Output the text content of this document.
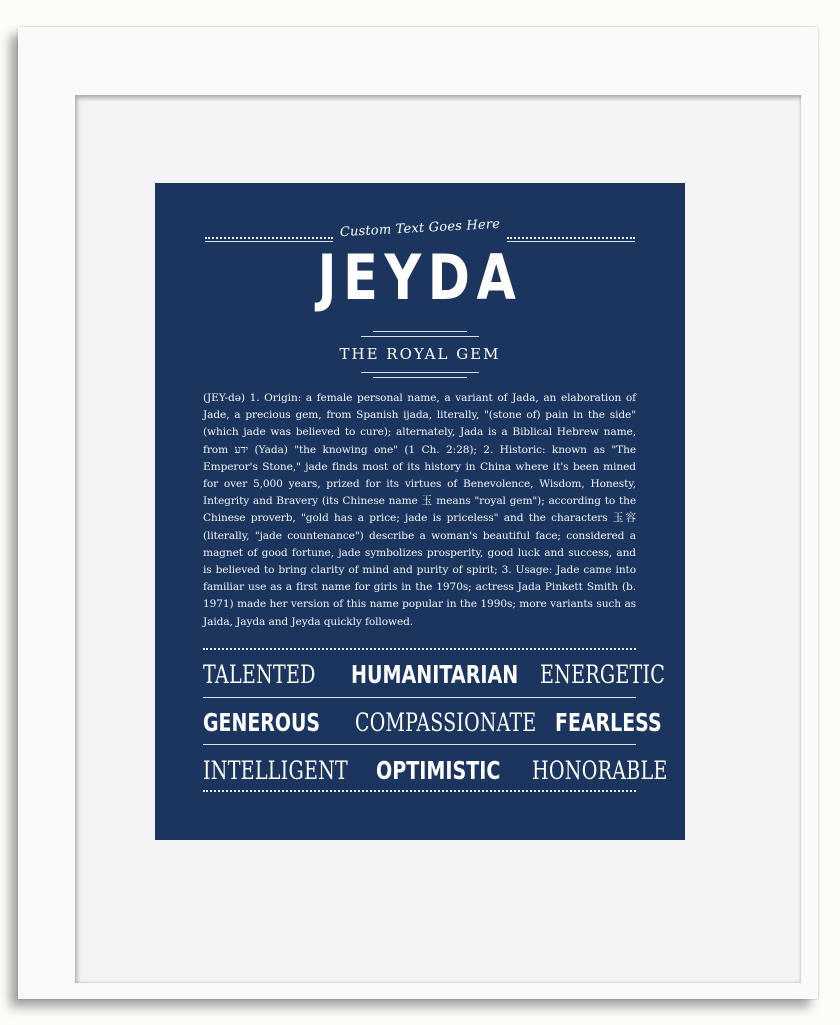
Custom Text Goes Here
JEYDA
THE ROYAL GEM
(JEY-də) 1. Origin: a female personal name, a variant of Jada, an elaboration of Jade, a precious gem, from Spanish ijada, literally, "(stone of) pain in the side" (which jade was believed to cure); alternately, Jada is a Biblical Hebrew name, from ידע (Yada) "the knowing one" (1 Ch. 2:28); 2. Historic: known as "The Emperor's Stone," jade finds most of its history in China where it's been mined for over 5,000 years, prized for its virtues of Benevolence, Wisdom, Honesty, Integrity and Bravery (its Chinese name 玉 means "royal gem"); according to the Chinese proverb, "gold has a price; jade is priceless" and the characters 玉容 (literally, "jade countenance") describe a woman's beautiful face; considered a magnet of good fortune, jade symbolizes prosperity, good luck and success, and is believed to bring clarity of mind and purity of spirit; 3. Usage: Jade came into familiar use as a first name for girls in the 1970s; actress Jada Pinkett Smith (b. 1971) made her version of this name popular in the 1990s; more variants such as Jaida, Jayda and Jeyda quickly followed.
TALENTED HUMANITARIAN ENERGETIC
GENEROUS COMPASSIONATE FEARLESS
INTELLIGENT OPTIMISTIC HONORABLE
